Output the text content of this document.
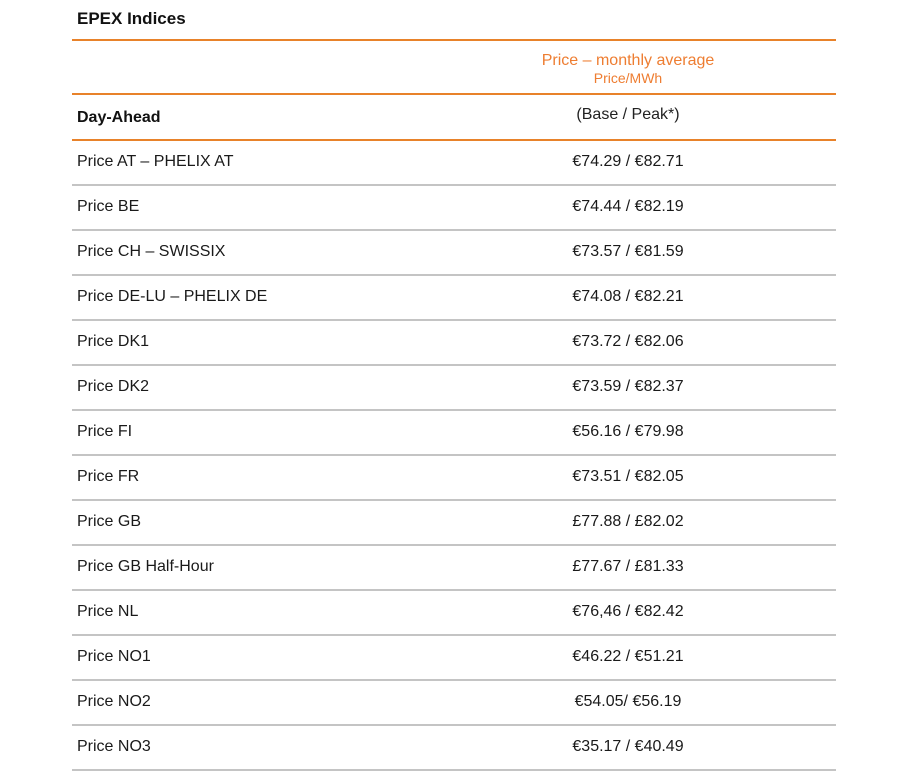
EPEX Indices
Price – monthly average
Price/MWh
Day-Ahead	(Base / Peak*)
Price AT – PHELIX AT	€74.29 / €82.71
Price BE	€74.44 / €82.19
Price CH – SWISSIX	€73.57 / €81.59
Price DE-LU – PHELIX DE	€74.08 / €82.21
Price DK1	€73.72 / €82.06
Price DK2	€73.59 / €82.37
Price FI	€56.16 / €79.98
Price FR	€73.51 / €82.05
Price GB	£77.88 / £82.02
Price GB Half-Hour	£77.67 / £81.33
Price NL	€76,46 / €82.42
Price NO1	€46.22 / €51.21
Price NO2	€54.05/ €56.19
Price NO3	€35.17 / €40.49
